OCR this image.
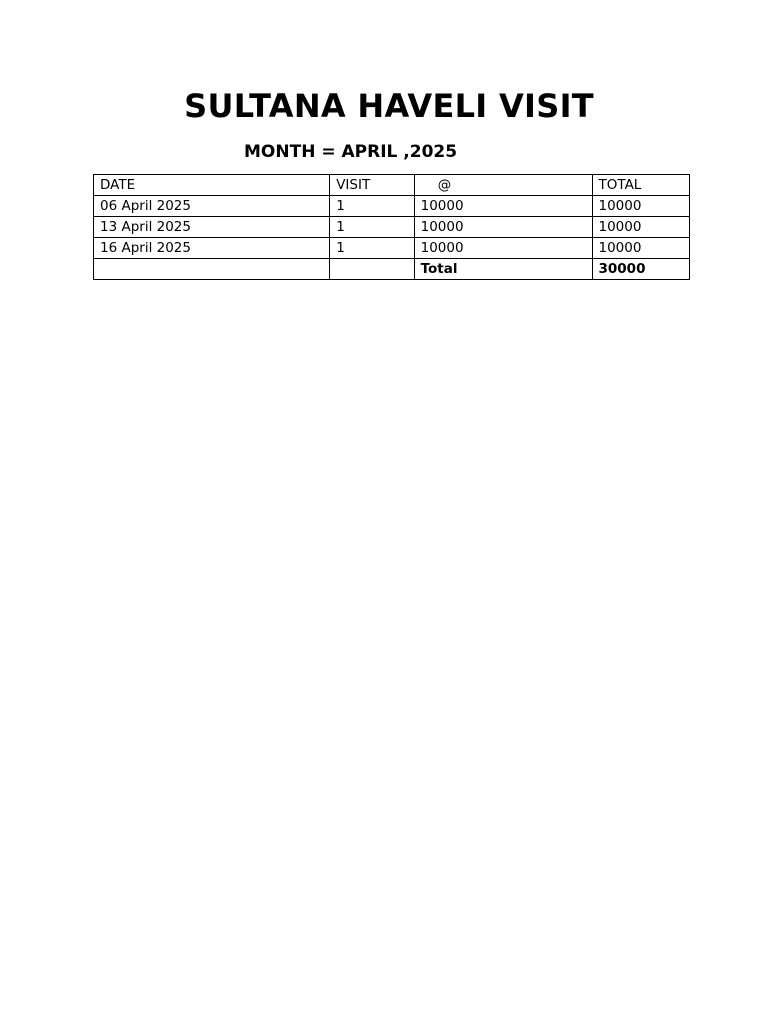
SULTANA HAVELI VISIT
MONTH = APRIL ,2025
DATE	VISIT	@	TOTAL
06 April 2025	1	10000	10000
13 April 2025	1	10000	10000
16 April 2025	1	10000	10000
		Total	30000
